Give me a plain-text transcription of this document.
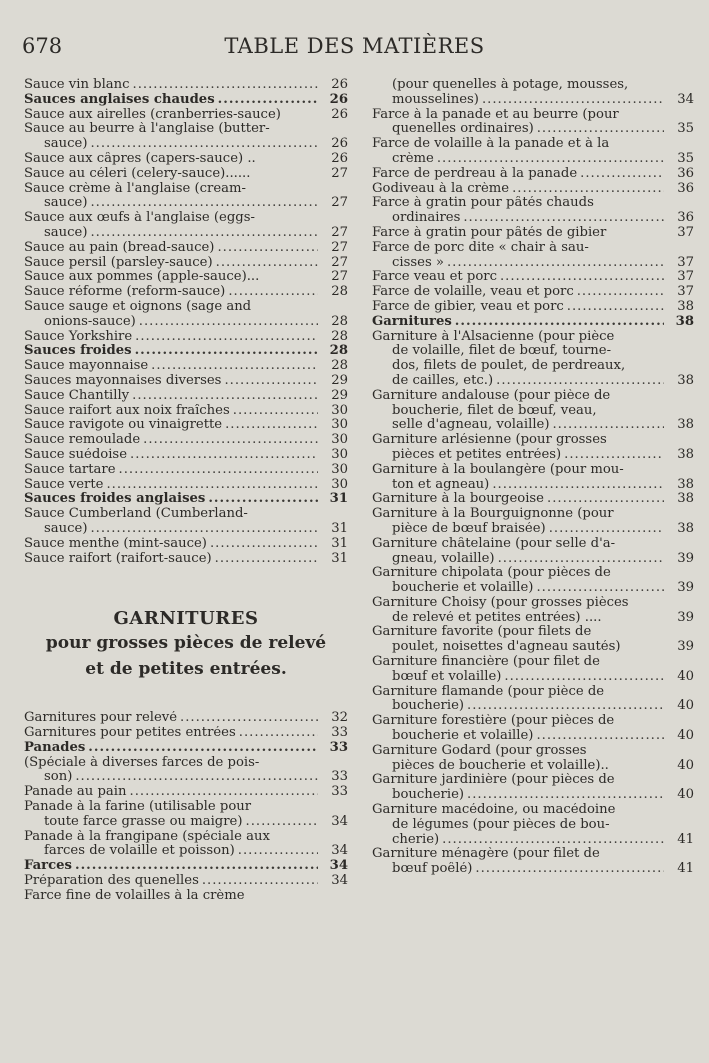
678	TABLE DES MATIÈRES
Sauce vin blanc .....	26
Sauces anglaises chaudes .....	26
Sauce aux airelles (cranberries-sauce)	26
Sauce au beurre à l'anglaise (butter-
sauce) .....	26
Sauce aux câpres (capers-sauce) ..	26
Sauce au céleri (celery-sauce)......	27
Sauce crème à l'anglaise (cream-
sauce) .....	27
Sauce aux œufs à l'anglaise (eggs-
sauce) .....	27
Sauce au pain (bread-sauce) .....	27
Sauce persil (parsley-sauce) .....	27
Sauce aux pommes (apple-sauce)...	27
Sauce réforme (reform-sauce) .....	28
Sauce sauge et oignons (sage and
onions-sauce) .....	28
Sauce Yorkshire .....	28
Sauces froides .....	28
Sauce mayonnaise .....	28
Sauces mayonnaises diverses .....	29
Sauce Chantilly .....	29
Sauce raifort aux noix fraîches .....	30
Sauce ravigote ou vinaigrette .....	30
Sauce remoulade .....	30
Sauce suédoise .....	30
Sauce tartare .....	30
Sauce verte .....	30
Sauces froides anglaises .....	31
Sauce Cumberland (Cumberland-
sauce) .....	31
Sauce menthe (mint-sauce) .....	31
Sauce raifort (raifort-sauce) .....	31
GARNITURES
pour grosses pièces de relevé
et de petites entrées.
Garnitures pour relevé .....	32
Garnitures pour petites entrées .....	33
Panades .....	33
(Spéciale à diverses farces de pois-
son) .....	33
Panade au pain .....	33
Panade à la farine (utilisable pour
toute farce grasse ou maigre) .....	34
Panade à la frangipane (spéciale aux
farces de volaille et poisson) .....	34
Farces .....	34
Préparation des quenelles .....	34
Farce fine de volailles à la crème
(pour quenelles à potage, mousses,
mousselines) .....	34
Farce à la panade et au beurre (pour
quenelles ordinaires) .....	35
Farce de volaille à la panade et à la
crème .....	35
Farce de perdreau à la panade .....	36
Godiveau à la crème .....	36
Farce à gratin pour pâtés chauds
ordinaires .....	36
Farce à gratin pour pâtés de gibier	37
Farce de porc dite « chair à sau-
cisses » .....	37
Farce veau et porc .....	37
Farce de volaille, veau et porc .....	37
Farce de gibier, veau et porc .....	38
Garnitures .....	38
Garniture à l'Alsacienne (pour pièce
de volaille, filet de bœuf, tourne-
dos, filets de poulet, de perdreaux,
de cailles, etc.) .....	38
Garniture andalouse (pour pièce de
boucherie, filet de bœuf, veau,
selle d'agneau, volaille) .....	38
Garniture arlésienne (pour grosses
pièces et petites entrées) .....	38
Garniture à la boulangère (pour mou-
ton et agneau) .....	38
Garniture à la bourgeoise .....	38
Garniture à la Bourguignonne (pour
pièce de bœuf braisée) .....	38
Garniture châtelaine (pour selle d'a-
gneau, volaille) .....	39
Garniture chipolata (pour pièces de
boucherie et volaille) .....	39
Garniture Choisy (pour grosses pièces
de relevé et petites entrées) ....	39
Garniture favorite (pour filets de
poulet, noisettes d'agneau sautés)	39
Garniture financière (pour filet de
bœuf et volaille) .....	40
Garniture flamande (pour pièce de
boucherie) .....	40
Garniture forestière (pour pièces de
boucherie et volaille) .....	40
Garniture Godard (pour grosses
pièces de boucherie et volaille)..	40
Garniture jardinière (pour pièces de
boucherie) .....	40
Garniture macédoine, ou macédoine
de légumes (pour pièces de bou-
cherie) .....	41
Garniture ménagère (pour filet de
bœuf poêlé) .....	41
